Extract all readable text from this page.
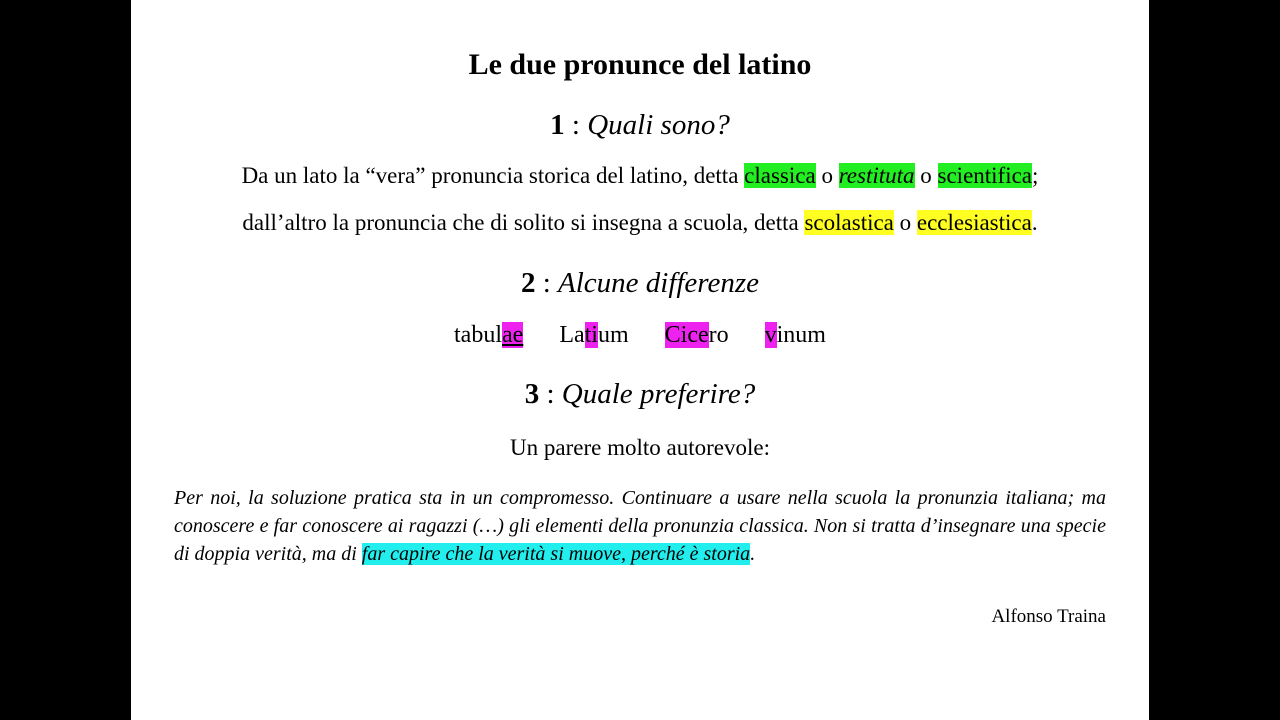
Le due pronunce del latino
1 : Quali sono?
Da un lato la “vera” pronuncia storica del latino, detta classica o restituta o scientifica;
dall’altro la pronuncia che di solito si insegna a scuola, detta scolastica o ecclesiastica.
2 : Alcune differenze
tabulae Latium Cicero vinum
3 : Quale preferire?
Un parere molto autorevole:
Per noi, la soluzione pratica sta in un compromesso. Continuare a usare nella scuola la pronunzia italiana; ma conoscere e far conoscere ai ragazzi (…) gli elementi della pronunzia classica. Non si tratta d’insegnare una specie di doppia verità, ma di far capire che la verità si muove, perché è storia.
Alfonso Traina
